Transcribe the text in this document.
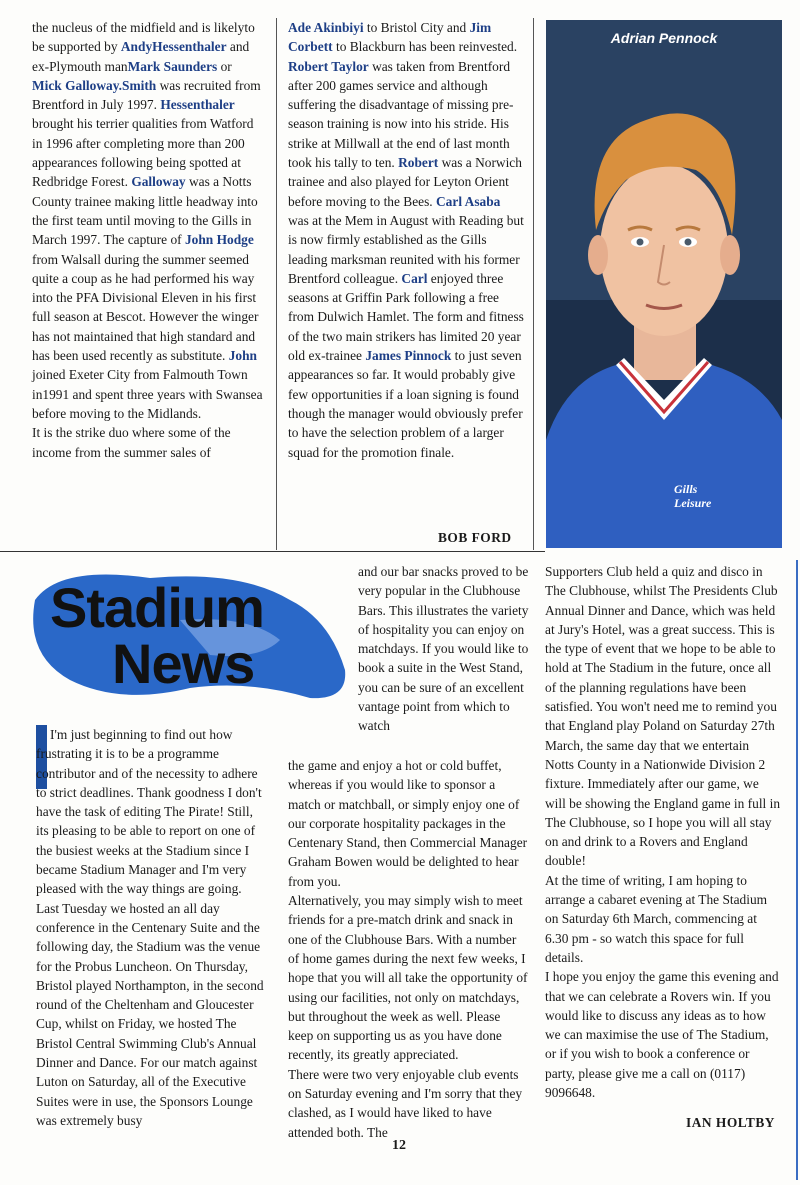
the nucleus of the midfield and is likelyto be supported by AndyHessenthaler and ex-Plymouth manMark Saunders or Mick Galloway.Smith was recruited from Brentford in July 1997. Hessenthaler brought his terrier qualities from Watford in 1996 after completing more than 200 appearances following being spotted at Redbridge Forest. Galloway was a Notts County trainee making little headway into the first team until moving to the Gills in March 1997. The capture of John Hodge from Walsall during the summer seemed quite a coup as he had performed his way into the PFA Divisional Eleven in his first full season at Bescot. However the winger has not maintained that high standard and has been used recently as substitute. John joined Exeter City from Falmouth Town in1991 and spent three years with Swansea before moving to the Midlands.
It is the strike duo where some of the income from the summer sales of

Ade Akinbiyi to Bristol City and Jim Corbett to Blackburn has been reinvested.
Robert Taylor was taken from Brentford after 200 games service and although suffering the disadvantage of missing pre-season training is now into his stride. His strike at Millwall at the end of last month took his tally to ten. Robert was a Norwich trainee and also played for Leyton Orient before moving to the Bees. Carl Asaba was at the Mem in August with Reading but is now firmly established as the Gills leading marksman reunited with his former Brentford colleague. Carl enjoyed three seasons at Griffin Park following a free from Dulwich Hamlet. The form and fitness of the two main strikers has limited 20 year old ex-trainee James Pinnock to just seven appearances so far. It would probably give few opportunities if a loan signing is found though the manager would obviously prefer to have the selection problem of a larger squad for the promotion finale.

BOB FORD
Adrian Pennock
Gills Leisure
Stadium
News
I'm just beginning to find out how frustrating it is to be a programme contributor and of the necessity to adhere to strict deadlines. Thank goodness I don't have the task of editing The Pirate! Still, its pleasing to be able to report on one of the busiest weeks at the Stadium since I became Stadium Manager and I'm very pleased with the way things are going.
Last Tuesday we hosted an all day conference in the Centenary Suite and the following day, the Stadium was the venue for the Probus Luncheon. On Thursday, Bristol played Northampton, in the second round of the Cheltenham and Gloucester Cup, whilst on Friday, we hosted The Bristol Central Swimming Club's Annual Dinner and Dance. For our match against Luton on Saturday, all of the Executive Suites were in use, the Sponsors Lounge was extremely busy
and our bar snacks proved to be very popular in the Clubhouse Bars. This illustrates the variety of hospitality you can enjoy on matchdays. If you would like to book a suite in the West Stand, you can be sure of an excellent vantage point from which to watch
the game and enjoy a hot or cold buffet, whereas if you would like to sponsor a match or matchball, or simply enjoy one of our corporate hospitality packages in the Centenary Stand, then Commercial Manager Graham Bowen would be delighted to hear from you.
Alternatively, you may simply wish to meet friends for a pre-match drink and snack in one of the Clubhouse Bars. With a number of home games during the next few weeks, I hope that you will all take the opportunity of using our facilities, not only on matchdays, but throughout the week as well. Please keep on supporting us as you have done recently, its greatly appreciated.
There were two very enjoyable club events on Saturday evening and I'm sorry that they clashed, as I would have liked to have attended both. The
Supporters Club held a quiz and disco in The Clubhouse, whilst The Presidents Club Annual Dinner and Dance, which was held at Jury's Hotel, was a great success. This is the type of event that we hope to be able to hold at The Stadium in the future, once all of the planning regulations have been satisfied. You won't need me to remind you that England play Poland on Saturday 27th March, the same day that we entertain Notts County in a Nationwide Division 2 fixture. Immediately after our game, we will be showing the England game in full in The Clubhouse, so I hope you will all stay on and drink to a Rovers and England double!
At the time of writing, I am hoping to arrange a cabaret evening at The Stadium on Saturday 6th March, commencing at 6.30 pm - so watch this space for full details.
I hope you enjoy the game this evening and that we can celebrate a Rovers win. If you would like to discuss any ideas as to how we can maximise the use of The Stadium, or if you wish to book a conference or party, please give me a call on (0117) 9096648.
IAN HOLTBY
12
